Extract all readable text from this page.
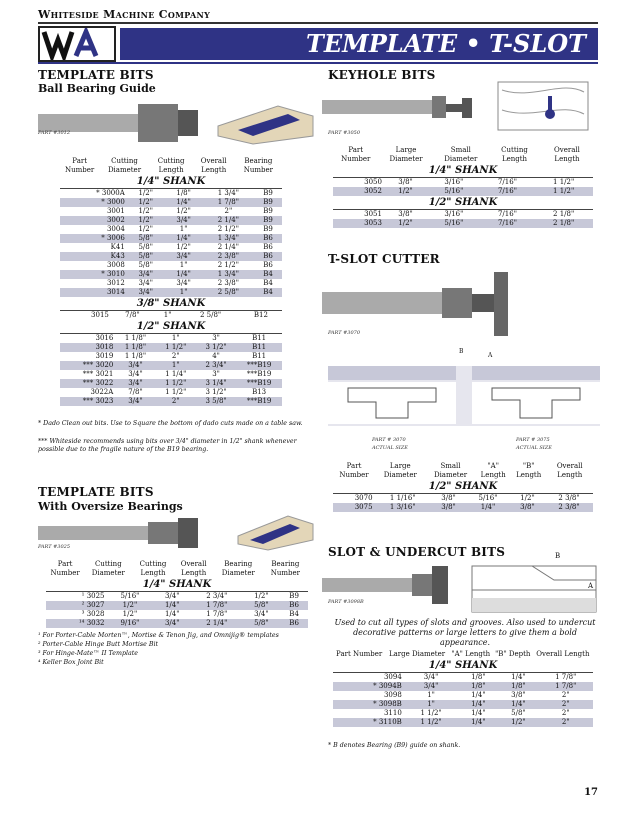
Whiteside Machine Company
TEMPLATE • T-SLOT
TEMPLATE BITS
Ball Bearing Guide
PART #3012
Part Number	Cutting Diameter	Cutting Length	Overall Length	Bearing Number
1/4" SHANK
* 3000A	1/2"	1/8"	1 3/4"	B9
* 3000	1/2"	1/4"	1 7/8"	B9
3001	1/2"	1/2"	2"	B9
3002	1/2"	3/4"	2 1/4"	B9
3004	1/2"	1"	2 1/2"	B9
* 3006	5/8"	1/4"	1 3/4"	B6
K41	5/8"	1/2"	2 1/4"	B6
K43	5/8"	3/4"	2 3/8"	B6
3008	5/8"	1"	2 1/2"	B6
* 3010	3/4"	1/4"	1 3/4"	B4
3012	3/4"	3/4"	2 3/8"	B4
3014	3/4"	1"	2 5/8"	B4
3/8" SHANK
3015	7/8"	1"	2 5/8"	B12
1/2" SHANK
3016	1 1/8"	1"	3"	B11
3018	1 1/8"	1 1/2"	3 1/2"	B11
3019	1 1/8"	2"	4"	B11
*** 3020	3/4"	1"	2 3/4"	***B19
*** 3021	3/4"	1 1/4"	3"	***B19
*** 3022	3/4"	1 1/2"	3 1/4"	***B19
3022A	7/8"	1 1/2"	3 1/2"	B13
*** 3023	3/4"	2"	3 5/8"	***B19
* Dado Clean out bits. Use to Square the bottom of dado cuts made on a table saw.
*** Whiteside recommends using bits over 3/4" diameter in 1/2" shank whenever possible due to the fragile nature of the B19 bearing.
TEMPLATE BITS
With Oversize Bearings
PART #3025
Part Number	Cutting Diameter	Cutting Length	Overall Length	Bearing Diameter	Bearing Number
1/4" SHANK
¹ 3025	5/16"	3/4"	2 3/4"	1/2"	B9
² 3027	1/2"	1/4"	1 7/8"	5/8"	B6
³ 3028	1/2"	1/4"	1 7/8"	3/4"	B4
¹⁴ 3032	9/16"	3/4"	2 1/4"	5/8"	B6
¹ For Porter-Cable Morten™, Mortise & Tenon Jig, and Omnijig® templates
² Porter-Cable Hinge Butt Mortise Bit
³ For Hinge-Mate™ II Template
⁴ Keller Box Joint Bit
KEYHOLE BITS
PART #3050
Part Number	Large Diameter	Small Diameter	Cutting Length	Overall Length
1/4" SHANK
3050	3/8"	3/16"	7/16"	1 1/2"
3052	1/2"	5/16"	7/16"	1 1/2"
1/2" SHANK
3051	3/8"	3/16"	7/16"	2 1/8"
3053	1/2"	5/16"	7/16"	2 1/8"
T-SLOT CUTTER
PART #3070
B
A
PART # 3070
ACTUAL SIZE
PART # 3075
ACTUAL SIZE
Part Number	Large Diameter	Small Diameter	"A" Length	"B" Length	Overall Length
1/2" SHANK
3070	1 1/16"	3/8"	5/16"	1/2"	2 3/8"
3075	1 3/16"	3/8"	1/4"	3/8"	2 3/8"
SLOT & UNDERCUT BITS	B
A
PART #3098B
Used to cut all types of slots and grooves. Also used to undercut decorative patterns or large letters to give them a bold appearance.
Part Number	Large Diameter	"A" Length	"B" Depth	Overall Length
1/4" SHANK
3094	3/4"	1/8"	1/4"	1 7/8"
* 3094B	3/4"	1/8"	1/8"	1 7/8"
3098	1"	1/4"	3/8"	2"
* 3098B	1"	1/4"	1/4"	2"
3110	1 1/2"	1/4"	5/8"	2"
* 3110B	1 1/2"	1/4"	1/2"	2"
* B denotes Bearing (B9) guide on shank.
17
